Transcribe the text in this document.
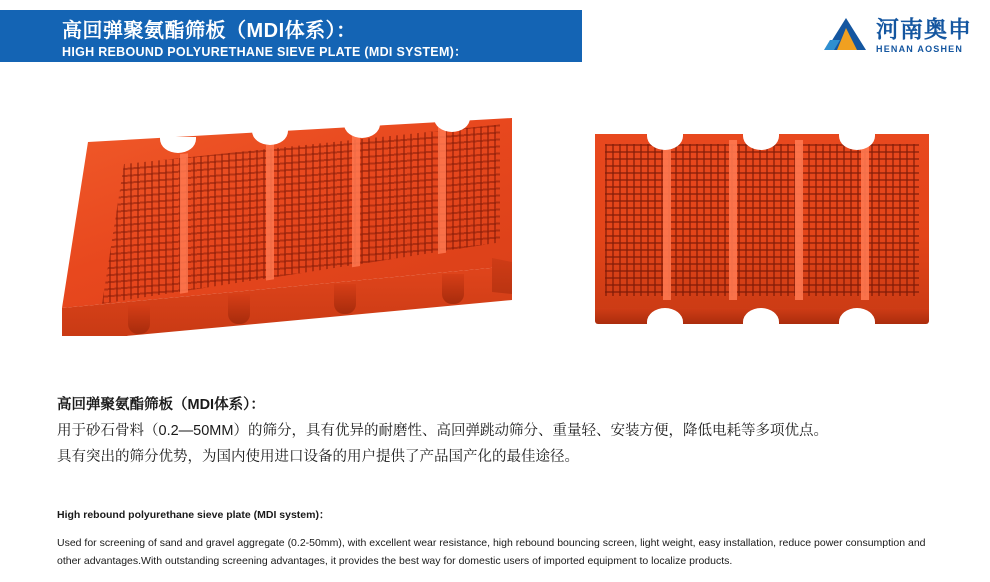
高回弹聚氨酯筛板（MDI体系）：
HIGH REBOUND POLYURETHANE SIEVE PLATE (MDI SYSTEM)：
河南奥申
HENAN AOSHEN
高回弹聚氨酯筛板（MDI体系）：
用于砂石骨料（0.2—50MM）的筛分，具有优异的耐磨性、高回弹跳动筛分、重量轻、安装方便，降低电耗等多项优点。
具有突出的筛分优势，为国内使用进口设备的用户提供了产品国产化的最佳途径。
High rebound polyurethane sieve plate (MDI system)：
Used for screening of sand and gravel aggregate (0.2-50mm), with excellent wear resistance, high rebound bouncing screen, light weight, easy installation, reduce power consumption and other advantages.With outstanding screening advantages, it provides the best way for domestic users of imported equipment to localize products.
